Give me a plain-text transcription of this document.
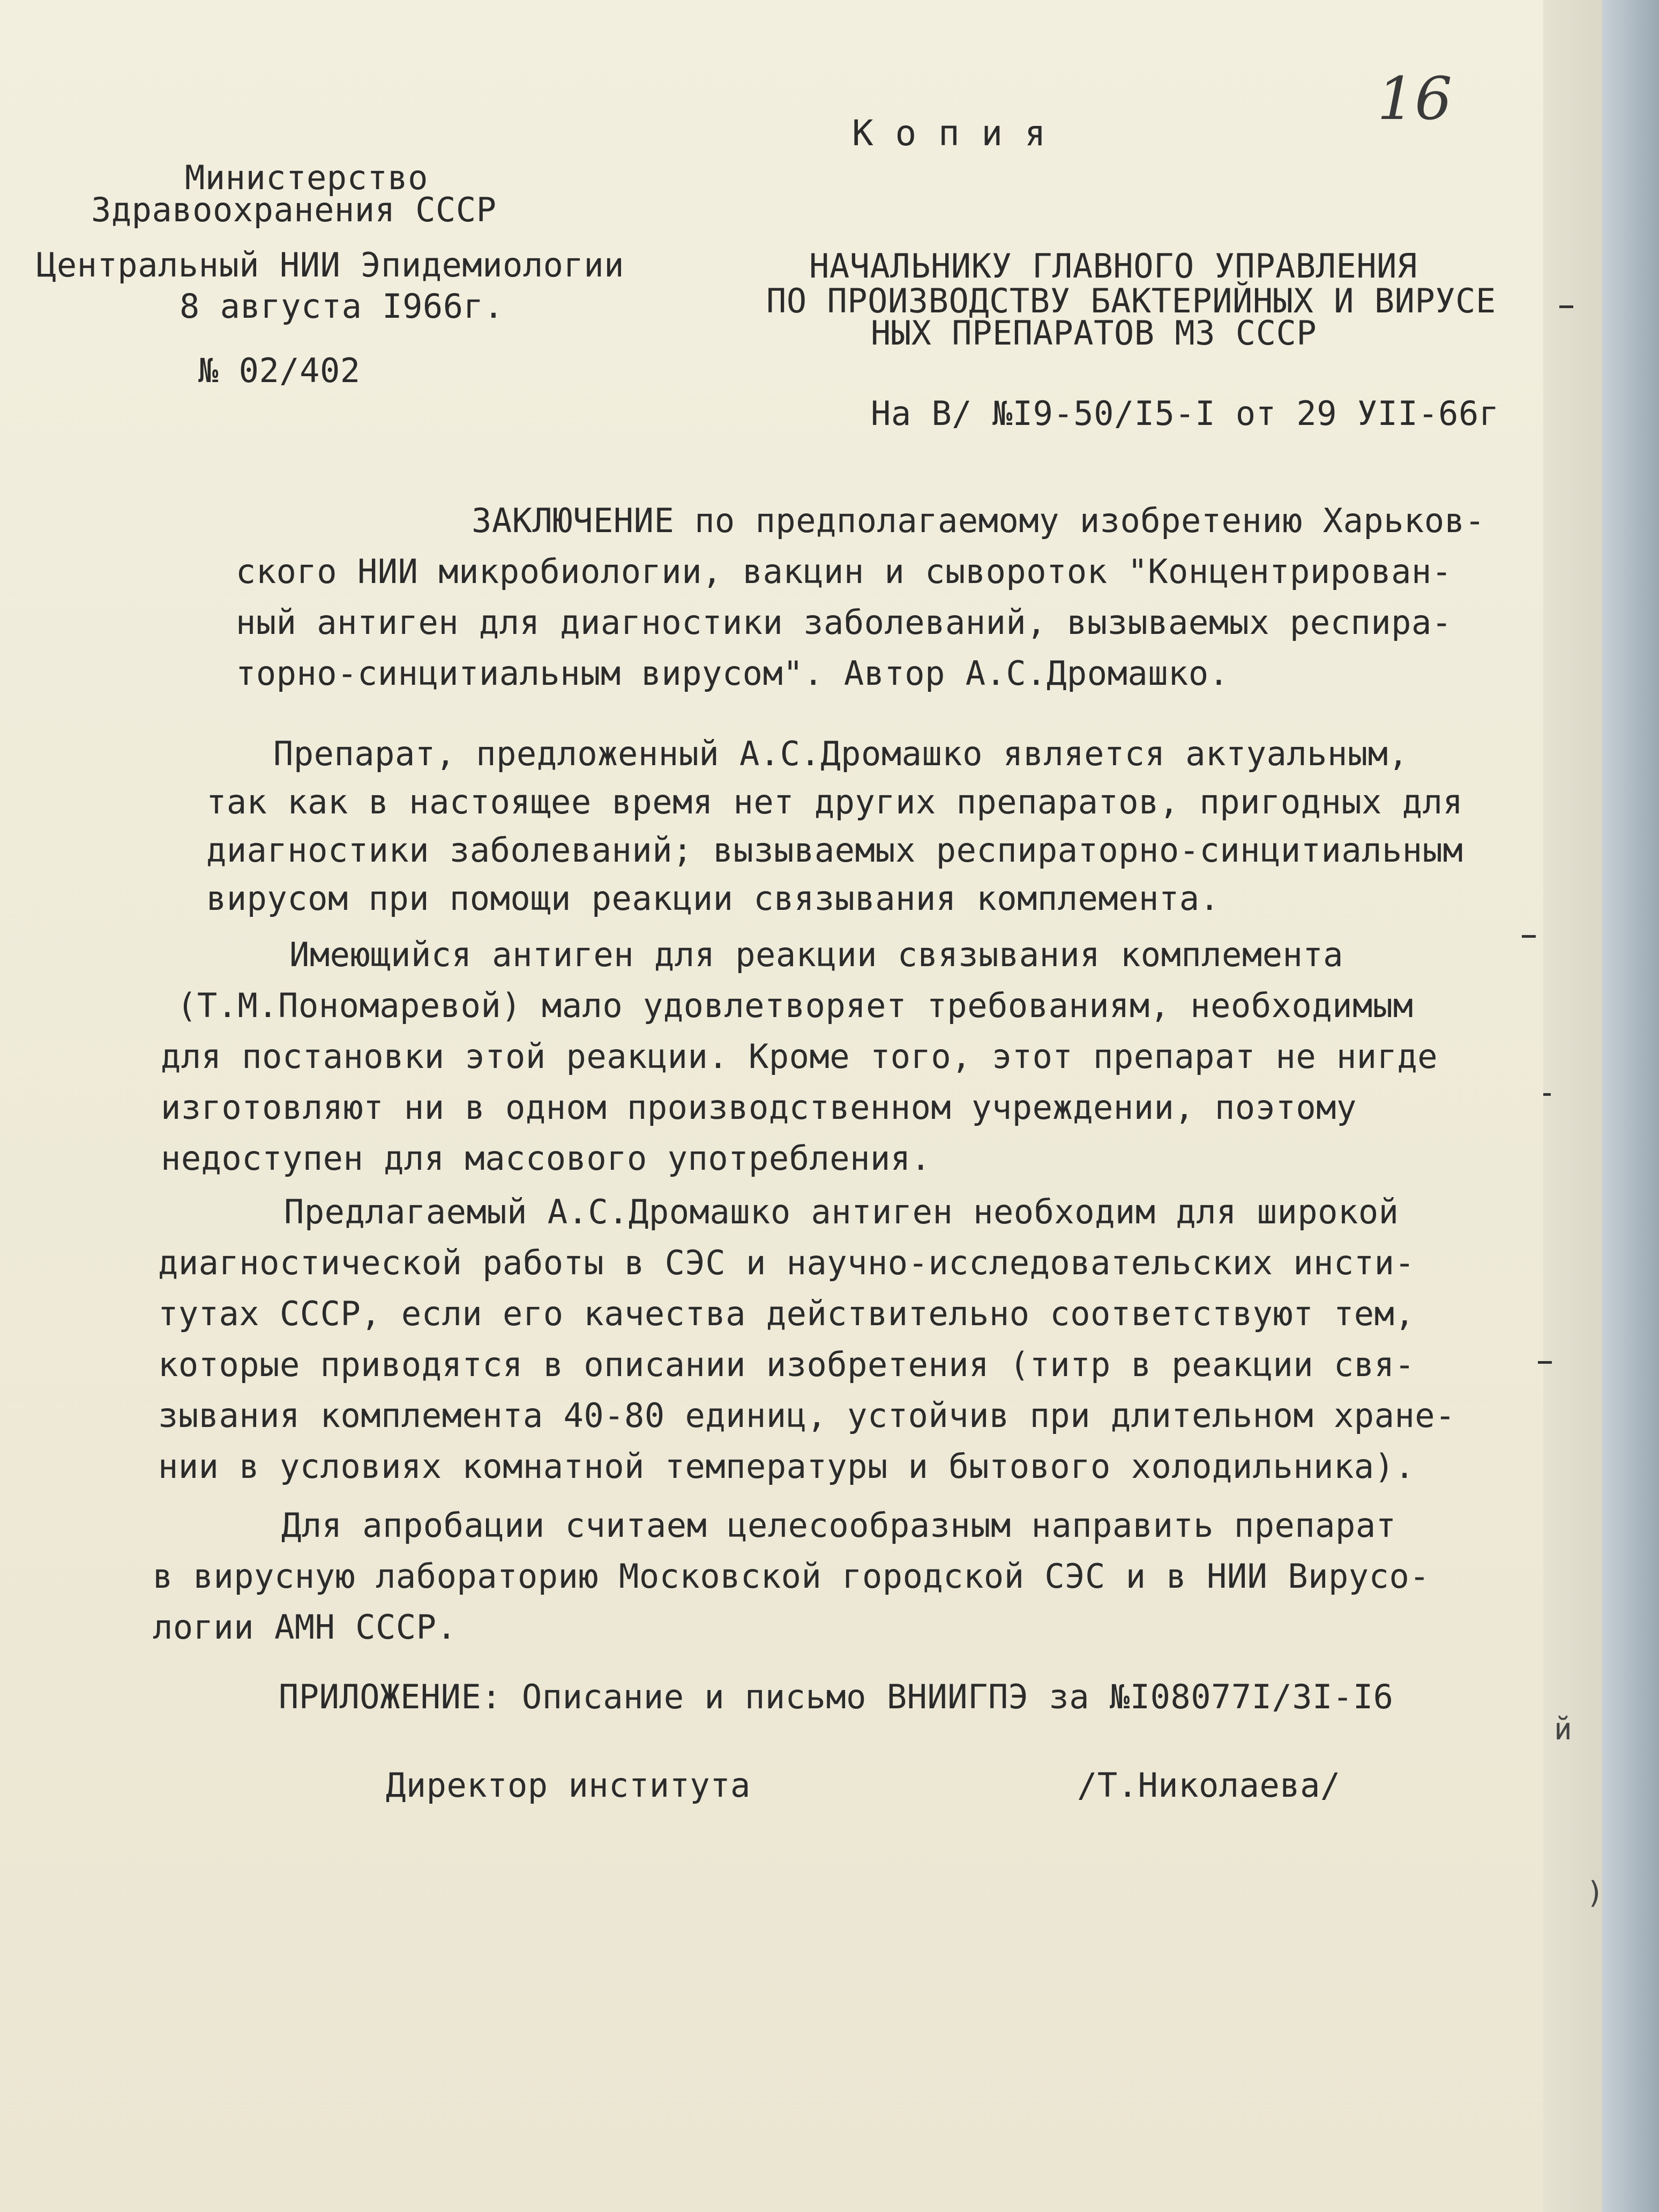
16
К о п и я
Министерство
Здравоохранения СССР
Центральный НИИ Эпидемиологии
8 августа I966г.
№ 02/402
НАЧАЛЬНИКУ ГЛАВНОГО УПРАВЛЕНИЯ
ПО ПРОИЗВОДСТВУ БАКТЕРИЙНЫХ И ВИРУСЕ
НЫХ ПРЕПАРАТОВ МЗ СССР
На В/ №I9-50/I5-I от 29 УII-66г
ЗАКЛЮЧЕНИЕ по предполагаемому изобретению Харьков-
ского НИИ микробиологии, вакцин и сывороток "Концентрирован-
ный антиген для диагностики заболеваний, вызываемых респира-
торно-синцитиальным вирусом". Автор А.С.Дромашко.
Препарат, предложенный А.С.Дромашко является актуальным,
так как в настоящее время нет других препаратов, пригодных для
диагностики заболеваний; вызываемых респираторно-синцитиальным
вирусом при помощи реакции связывания комплемента.
Имеющийся антиген для реакции связывания комплемента
(Т.М.Пономаревой) мало удовлетворяет требованиям, необходимым
для постановки этой реакции. Кроме того, этот препарат не нигде
изготовляют ни в одном производственном учреждении, поэтому
недоступен для массового употребления.
Предлагаемый А.С.Дромашко антиген необходим для широкой
диагностической работы в СЭС и научно-исследовательских инсти-
тутах СССР, если его качества действительно соответствуют тем,
которые приводятся в описании изобретения (титр в реакции свя-
зывания комплемента 40-80 единиц, устойчив при длительном хране-
нии в условиях комнатной температуры и бытового холодильника).
Для апробации считаем целесообразным направить препарат
в вирусную лабораторию Московской городской СЭС и в НИИ Вирусо-
логии АМН СССР.
ПРИЛОЖЕНИЕ: Описание и письмо ВНИИГПЭ за №I08077I/3I-I6
Директор института	/Т.Николаева/
й
)
